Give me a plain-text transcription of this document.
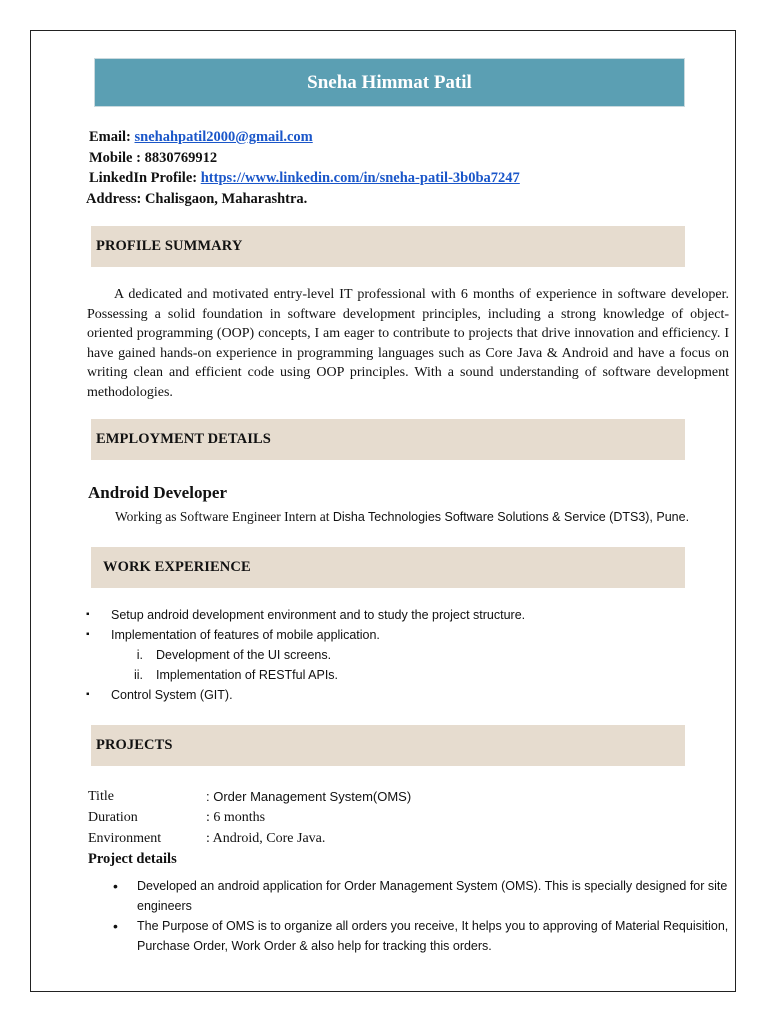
Sneha Himmat Patil
Email: snehahpatil2000@gmail.com
Mobile : 8830769912
LinkedIn Profile: https://www.linkedin.com/in/sneha-patil-3b0ba7247
Address: Chalisgaon, Maharashtra.
PROFILE SUMMARY
A dedicated and motivated entry-level IT professional with 6 months of experience in software developer. Possessing a solid foundation in software development principles, including a strong knowledge of object-oriented programming (OOP) concepts, I am eager to contribute to projects that drive innovation and efficiency. I have gained hands-on experience in programming languages such as Core Java & Android and have a focus on writing clean and efficient code using OOP principles. With a sound understanding of software development methodologies.
EMPLOYMENT DETAILS
Android Developer
Working as Software Engineer Intern at Disha Technologies Software Solutions & Service (DTS3), Pune.
WORK EXPERIENCE
▪ Setup android development environment and to study the project structure.
▪ Implementation of features of mobile application.
i. Development of the UI screens.
ii. Implementation of RESTful APIs.
▪ Control System (GIT).
PROJECTS
Title	: Order Management System(OMS)
Duration	: 6 months
Environment	: Android, Core Java.
Project details
• Developed an android application for Order Management System (OMS). This is specially designed for site engineers
• The Purpose of OMS is to organize all orders you receive, It helps you to approving of Material Requisition, Purchase Order, Work Order & also help for tracking this orders.
